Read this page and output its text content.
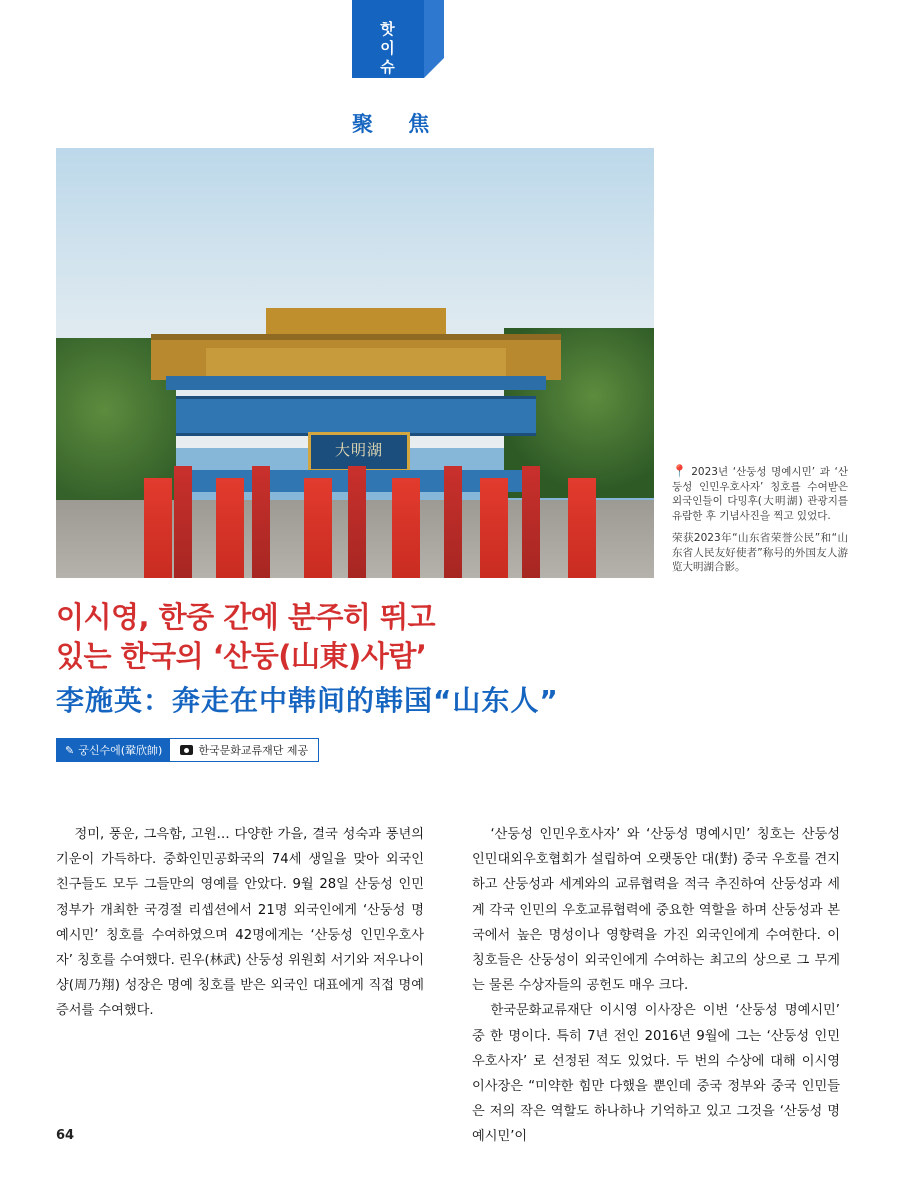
핫
이
슈
聚 焦
大明湖
📍 2023년 ‘산둥성 명예시민’ 과 ‘산둥성 인민우호사자’ 칭호를 수여받은 외국인들이 다밍후(大明湖) 관광지를 유람한 후 기념사진을 찍고 있었다.
荣获2023年“山东省荣誉公民”和“山东省人民友好使者”称号的外国友人游览大明湖合影。
이시영, 한중 간에 분주히 뛰고
있는 한국의 ‘산둥(山東)사람’
李施英：奔走在中韩间的韩国“山东人”
✎ 궁신수에(鞏欣帥)	한국문화교류재단 제공

정미, 풍운, 그윽함, 고원… 다양한 가을, 결국 성숙과 풍년의 기운이 가득하다. 중화인민공화국의 74세 생일을 맞아 외국인 친구들도 모두 그들만의 영예를 안았다. 9월 28일 산둥성 인민정부가 개최한 국경절 리셉션에서 21명 외국인에게 ‘산둥성 명예시민’ 칭호를 수여하였으며 42명에게는 ‘산둥성 인민우호사자’ 칭호를 수여했다. 린우(林武) 산둥성 위원회 서기와 저우나이샹(周乃翔) 성장은 명예 칭호를 받은 외국인 대표에게 직접 명예 증서를 수여했다.

‘산둥성 인민우호사자’ 와 ‘산둥성 명예시민’ 칭호는 산둥성 인민대외우호협회가 설립하여 오랫동안 대(對) 중국 우호를 견지하고 산둥성과 세계와의 교류협력을 적극 추진하여 산둥성과 세계 각국 인민의 우호교류협력에 중요한 역할을 하며 산둥성과 본국에서 높은 명성이나 영향력을 가진 외국인에게 수여한다. 이 칭호들은 산둥성이 외국인에게 수여하는 최고의 상으로 그 무게는 물론 수상자들의 공헌도 매우 크다.

한국문화교류재단 이시영 이사장은 이번 ‘산둥성 명예시민’ 중 한 명이다. 특히 7년 전인 2016년 9월에 그는 ‘산둥성 인민우호사자’ 로 선정된 적도 있었다. 두 번의 수상에 대해 이시영 이사장은 “미약한 힘만 다했을 뿐인데 중국 정부와 중국 인민들은 저의 작은 역할도 하나하나 기억하고 있고 그것을 ‘산둥성 명예시민’이

64
